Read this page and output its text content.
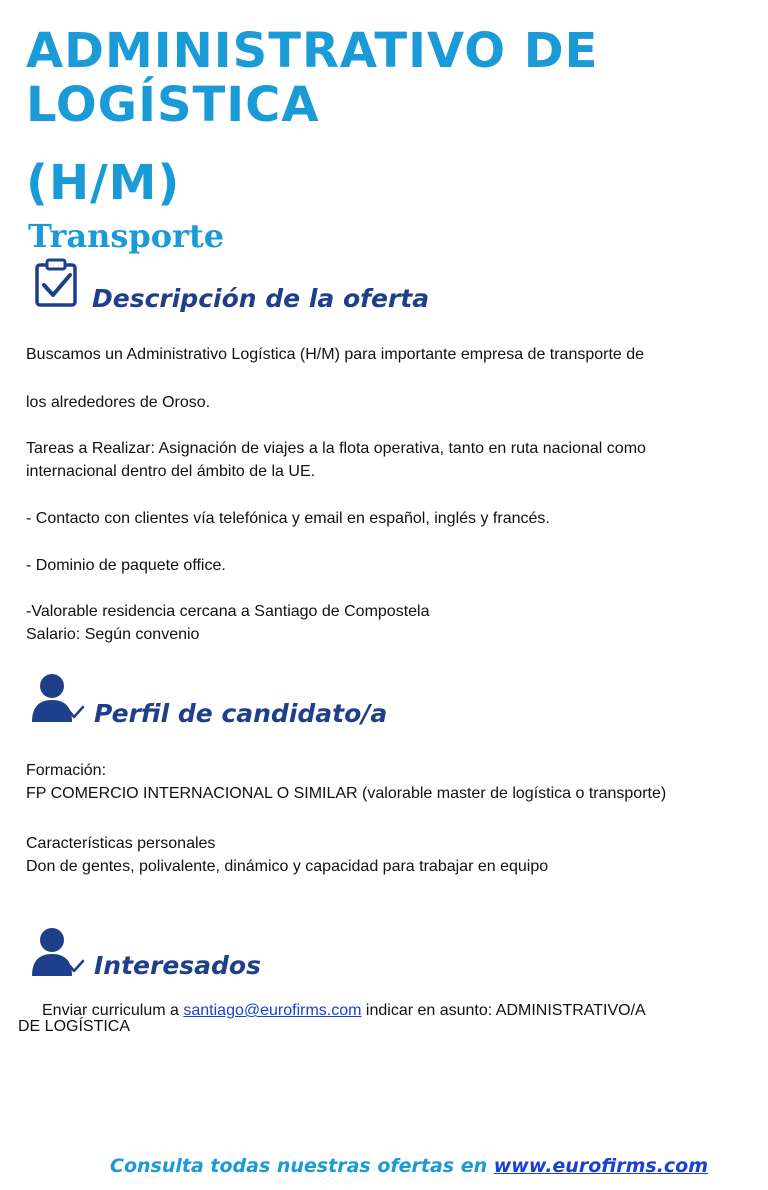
ADMINISTRATIVO DE
LOGÍSTICA
(H/M)
Transporte
Descripción de la oferta
Buscamos un Administrativo Logística (H/M) para importante empresa de transporte de
los alrededores de Oroso.
Tareas a Realizar: Asignación de viajes a la flota operativa, tanto en ruta nacional como
internacional dentro del ámbito de la UE.
- Contacto con clientes vía telefónica y email en español, inglés y francés.
- Dominio de paquete office.
-Valorable residencia cercana a Santiago de Compostela
Salario: Según convenio
Perfil de candidato/a
Formación:
FP COMERCIO INTERNACIONAL O SIMILAR (valorable master de logística o transporte)
Características personales
Don de gentes, polivalente, dinámico y capacidad para trabajar en equipo
Interesados
Enviar curriculum a santiago@eurofirms.com indicar en asunto: ADMINISTRATIVO/A
DE LOGÍSTICA
Consulta todas nuestras ofertas en www.eurofirms.com
